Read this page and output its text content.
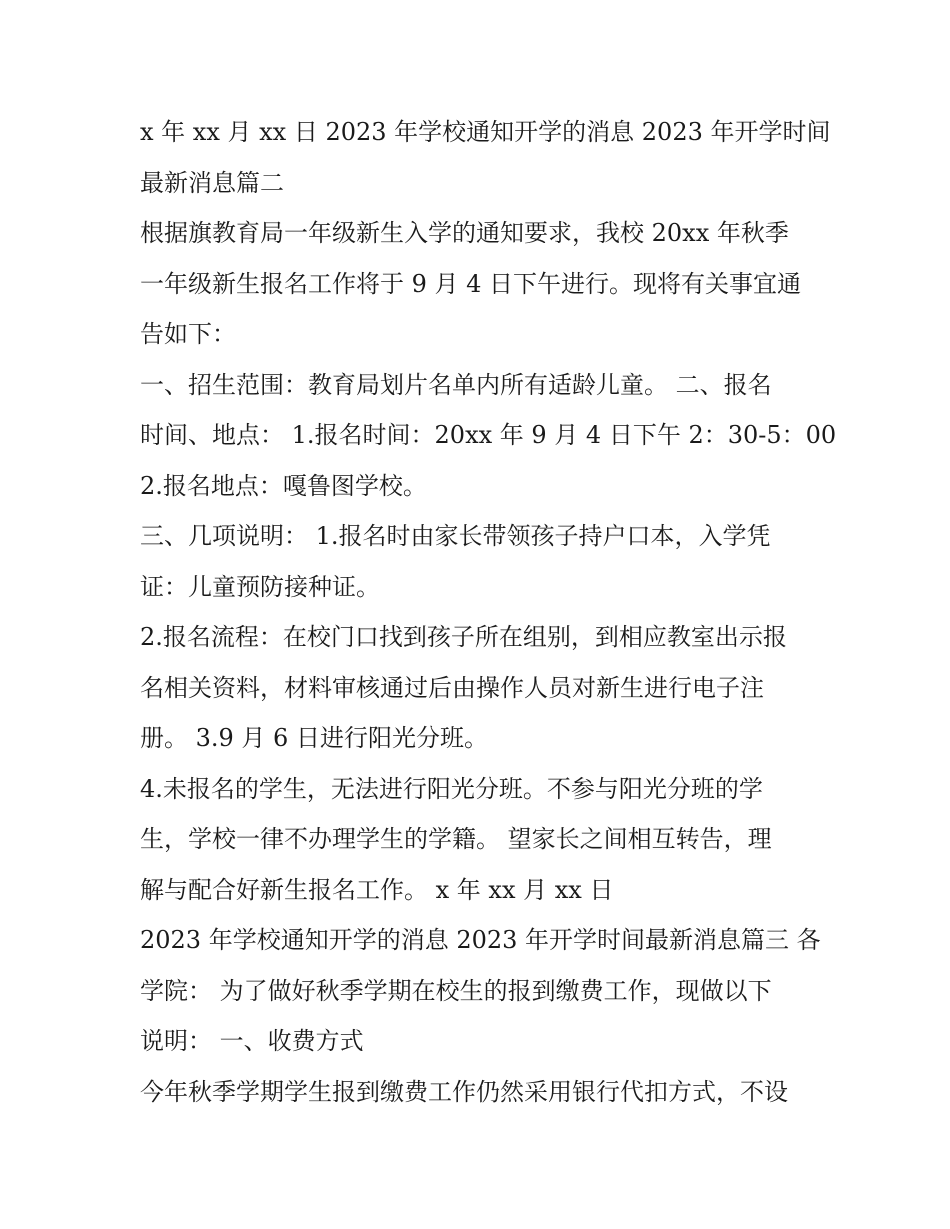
x 年 xx 月 xx 日 2023 年学校通知开学的消息 2023 年开学时间
最新消息篇二
根据旗教育局一年级新生入学的通知要求，我校 20xx 年秋季
一年级新生报名工作将于 9 月 4 日下午进行。现将有关事宜通
告如下：
一、招生范围：教育局划片名单内所有适龄儿童。 二、报名
时间、地点： 1.报名时间：20xx 年 9 月 4 日下午 2：30-5：00
2.报名地点：嘎鲁图学校。
三、几项说明： 1.报名时由家长带领孩子持户口本，入学凭
证：儿童预防接种证。
2.报名流程：在校门口找到孩子所在组别，到相应教室出示报
名相关资料，材料审核通过后由操作人员对新生进行电子注
册。 3.9 月 6 日进行阳光分班。
4.未报名的学生，无法进行阳光分班。不参与阳光分班的学
生，学校一律不办理学生的学籍。 望家长之间相互转告，理
解与配合好新生报名工作。 x 年 xx 月 xx 日
2023 年学校通知开学的消息 2023 年开学时间最新消息篇三 各
学院： 为了做好秋季学期在校生的报到缴费工作，现做以下
说明： 一、收费方式
今年秋季学期学生报到缴费工作仍然采用银行代扣方式，不设
